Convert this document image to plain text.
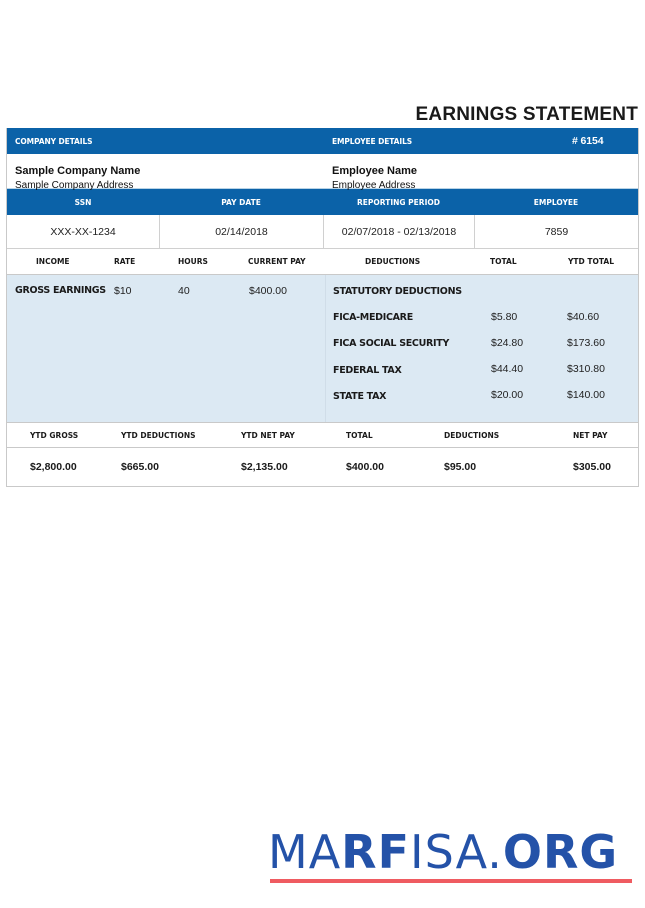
EARNINGS STATEMENT
COMPANY DETAILS	EMPLOYEE DETAILS	# 6154
Sample Company Name
Sample Company Address
Employee Name
Employee Address
SSN	PAY DATE	REPORTING PERIOD	EMPLOYEE
XXX-XX-1234	02/14/2018	02/07/2018 - 02/13/2018	7859
INCOME	RATE	HOURS	CURRENT PAY	DEDUCTIONS	TOTAL	YTD TOTAL
GROSS EARNINGS $10	40	$400.00	STATUTORY DEDUCTIONS
FICA-MEDICARE	$5.80	$40.60
FICA SOCIAL SECURITY	$24.80	$173.60
FEDERAL TAX	$44.40	$310.80
STATE TAX	$20.00	$140.00
YTD GROSS	YTD DEDUCTIONS	YTD NET PAY	TOTAL	DEDUCTIONS	NET PAY
$2,800.00	$665.00	$2,135.00	$400.00	$95.00	$305.00
MARFISA.ORG
